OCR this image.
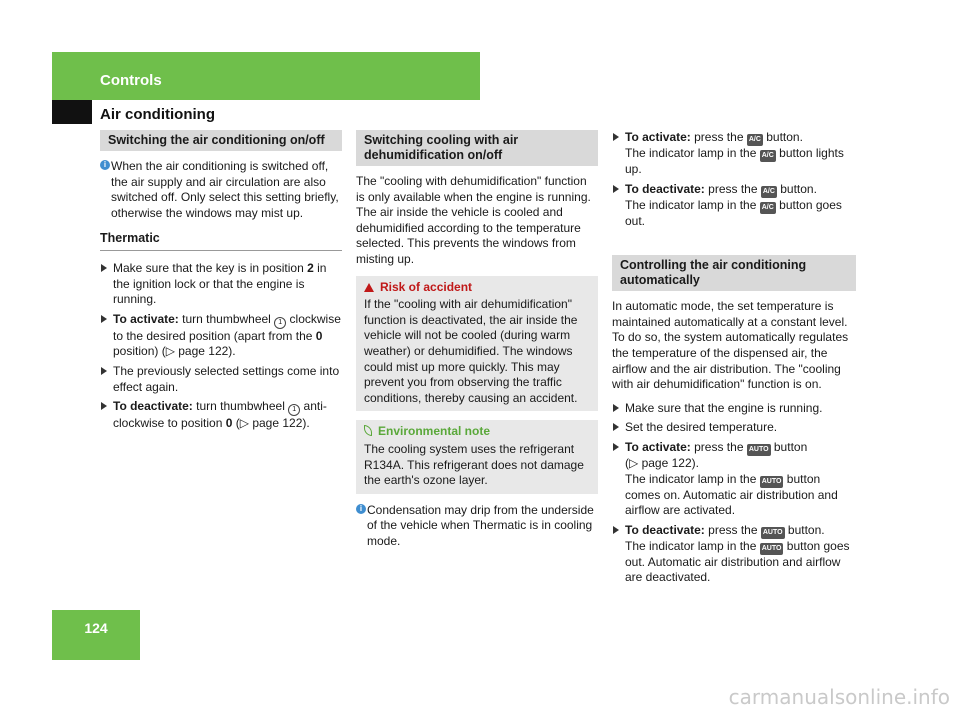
Controls
Air conditioning
Switching the air conditioning on/off
i When the air conditioning is switched off, the air supply and air circulation are also switched off. Only select this setting briefly, otherwise the windows may mist up.
Thermatic
Make sure that the key is in position 2 in the ignition lock or that the engine is running.
To activate: turn thumbwheel 1 clockwise to the desired position (apart from the 0 position) (▷ page 122).
The previously selected settings come into effect again.
To deactivate: turn thumbwheel 1 anti-clockwise to position 0 (▷ page 122).
Switching cooling with air dehumidification on/off
The "cooling with dehumidification" function is only available when the engine is running. The air inside the vehicle is cooled and dehumidified according to the temperature selected. This prevents the windows from misting up.
Risk of accident
If the "cooling with air dehumidification" function is deactivated, the air inside the vehicle will not be cooled (during warm weather) or dehumidified. The windows could mist up more quickly. This may prevent you from observing the traffic conditions, thereby causing an accident.
Environmental note
The cooling system uses the refrigerant R134A. This refrigerant does not damage the earth's ozone layer.
i Condensation may drip from the underside of the vehicle when Thermatic is in cooling mode.
To activate: press the A/C button.
The indicator lamp in the A/C button lights up.
To deactivate: press the A/C button.
The indicator lamp in the A/C button goes out.
Controlling the air conditioning automatically
In automatic mode, the set temperature is maintained automatically at a constant level. To do so, the system automatically regulates the temperature of the dispensed air, the airflow and the air distribution. The "cooling with air dehumidification" function is on.
Make sure that the engine is running.
Set the desired temperature.
To activate: press the AUTO button
(▷ page 122).
The indicator lamp in the AUTO button comes on. Automatic air distribution and airflow are activated.
To deactivate: press the AUTO button.
The indicator lamp in the AUTO button goes out. Automatic air distribution and airflow are deactivated.
124
carmanualsonline.info
